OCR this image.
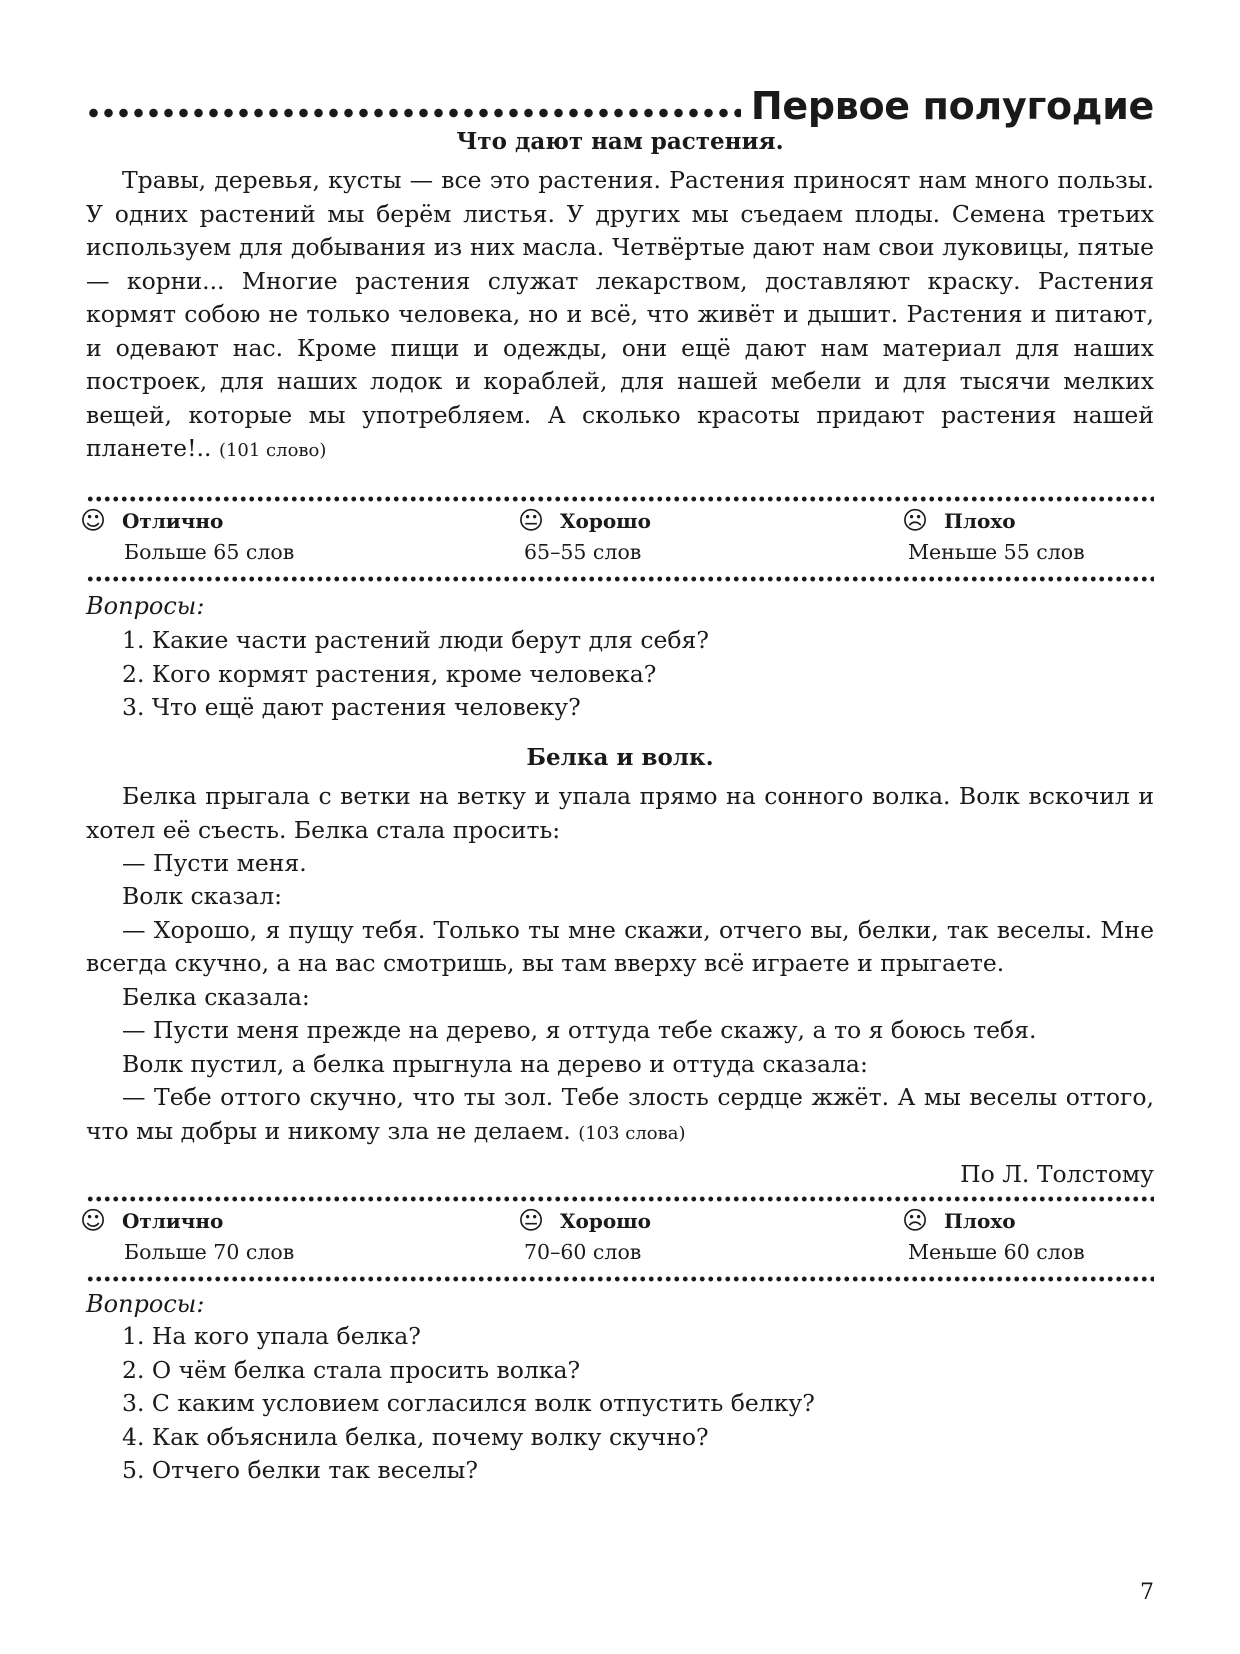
Первое полугодие
Что дают нам растения.

Травы, деревья, кусты — все это растения. Растения приносят нам много пользы. У одних растений мы берём листья. У других мы съедаем плоды. Семена третьих используем для добывания из них масла. Четвёртые дают нам свои луковицы, пятые — корни... Многие растения служат лекарством, доставляют краску. Растения кормят собою не только человека, но и всё, что живёт и дышит. Растения и питают, и одевают нас. Кроме пищи и одежды, они ещё дают нам материал для наших построек, для наших лодок и кораблей, для нашей мебели и для тысячи мелких вещей, которые мы употребляем. А сколько красоты придают растения нашей планете!.. (101 слово)

☺ Отлично
Больше 65 слов
😐 Хорошо
65–55 слов
☹ Плохо
Меньше 55 слов
Вопросы:
1. Какие части растений люди берут для себя?
2. Кого кормят растения, кроме человека?
3. Что ещё дают растения человеку?
Белка и волк.

Белка прыгала с ветки на ветку и упала прямо на сонного волка. Волк вскочил и хотел её съесть. Белка стала просить:

— Пусти меня.
Волк сказал:

— Хорошо, я пущу тебя. Только ты мне скажи, отчего вы, белки, так веселы. Мне всегда скучно, а на вас смотришь, вы там вверху всё играете и прыгаете.

Белка сказала:
— Пусти меня прежде на дерево, я оттуда тебе скажу, а то я боюсь тебя.
Волк пустил, а белка прыгнула на дерево и оттуда сказала:

— Тебе оттого скучно, что ты зол. Тебе злость сердце жжёт. А мы веселы оттого, что мы добры и никому зла не делаем. (103 слова)

По Л. Толстому
☺ Отлично
Больше 70 слов
😐 Хорошо
70–60 слов
☹ Плохо
Меньше 60 слов
Вопросы:
1. На кого упала белка?
2. О чём белка стала просить волка?
3. С каким условием согласился волк отпустить белку?
4. Как объяснила белка, почему волку скучно?
5. Отчего белки так веселы?
7
